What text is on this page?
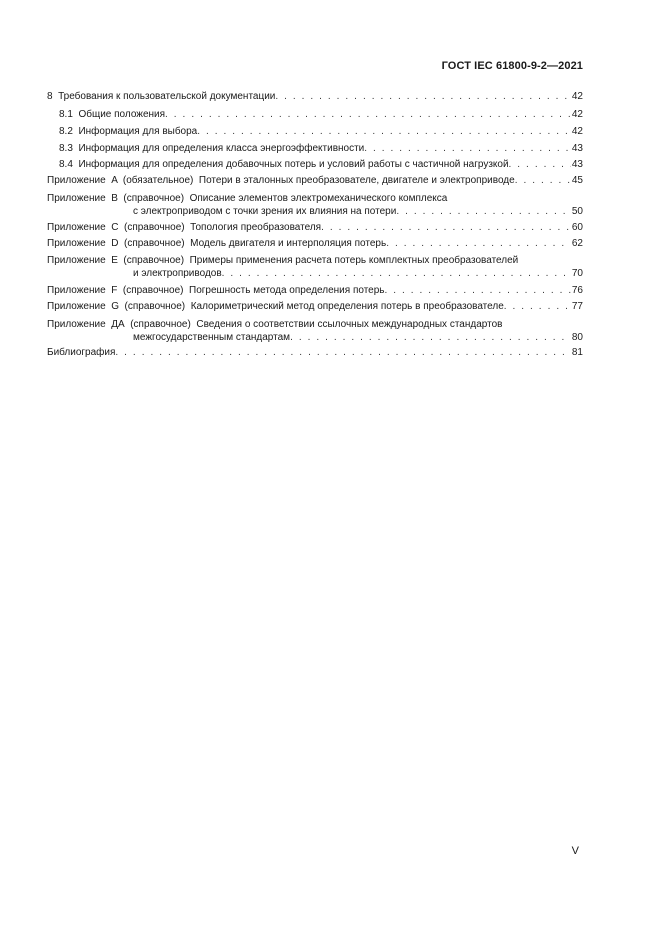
ГОСТ IEC 61800-9-2—2021
8  Требования к пользовательской документации . . .	42
8.1  Общие положения . . .	42
8.2  Информация для выбора . . .	42
8.3  Информация для определения класса энергоэффективности . . .	43
8.4  Информация для определения добавочных потерь и условий работы с частичной нагрузкой . . .	43
Приложение  A  (обязательное)  Потери в эталонных преобразователе, двигателе и электроприводе . . .	45
Приложение  B  (справочное)  Описание элементов электромеханического комплекса
с электроприводом с точки зрения их влияния на потери . . .	50
Приложение  C  (справочное)  Топология преобразователя . . .	60
Приложение  D  (справочное)  Модель двигателя и интерполяция потерь . . .	62
Приложение  E  (справочное)  Примеры применения расчета потерь комплектных преобразователей
и электроприводов . . .	70
Приложение  F  (справочное)  Погрешность метода определения потерь . . .	76
Приложение  G  (справочное)  Калориметрический метод определения потерь в преобразователе . . .	77
Приложение  ДА  (справочное)  Сведения о соответствии ссылочных международных стандартов
межгосударственным стандартам . . .	80
Библиография . . .	81
V
